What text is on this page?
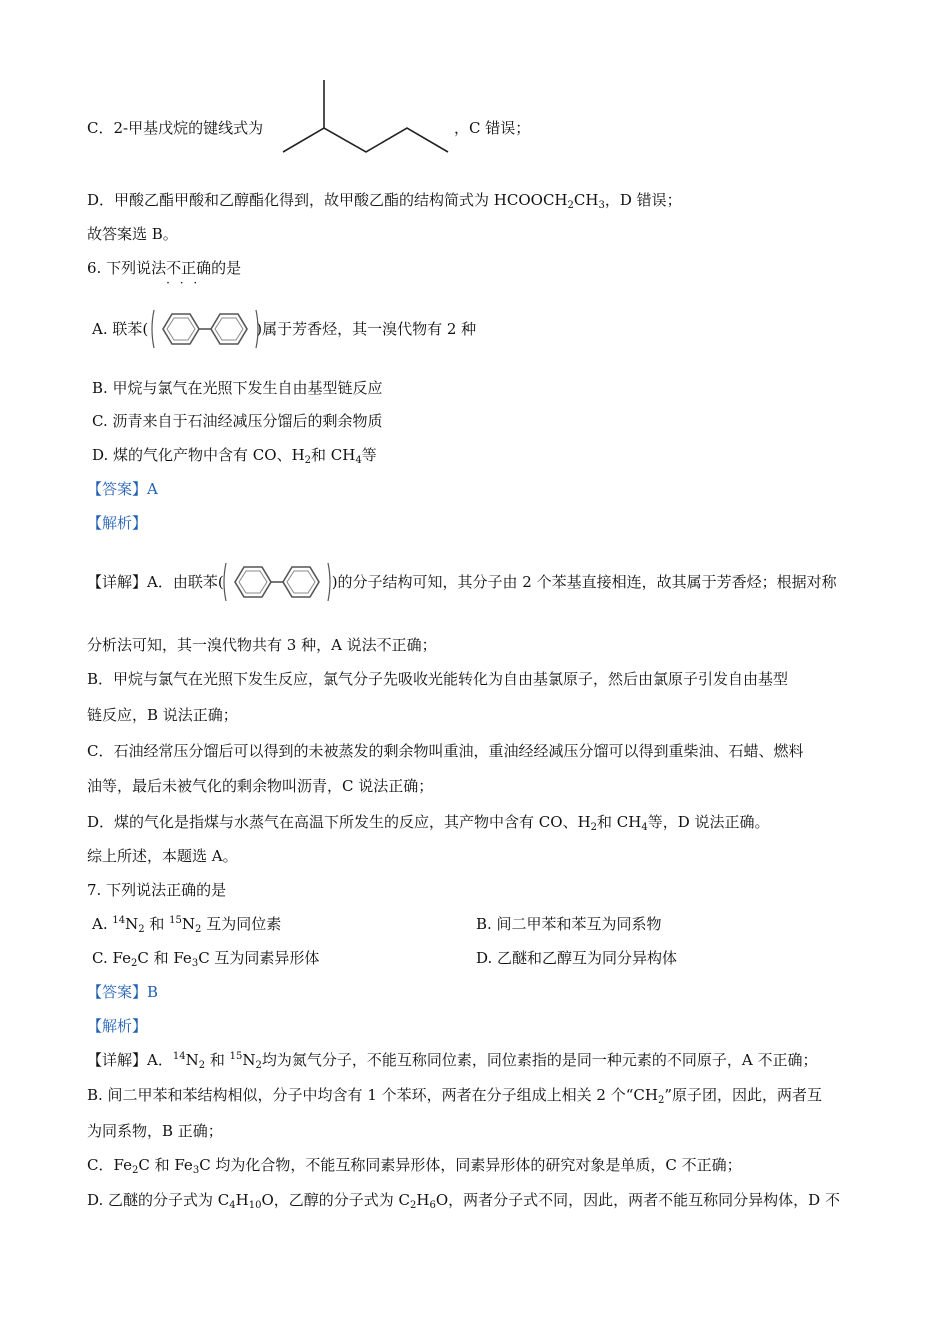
C．2-甲基戊烷的键线式为	，C 错误；
D．甲酸乙酯甲酸和乙醇酯化得到，故甲酸乙酯的结构简式为 $HCOOCH_2CH_3$，D 错误；
故答案选 B。
6. 下列说法不正确 · · ·的是
A. 联苯(	)属于芳香烃，其一溴代物有 2 种
B. 甲烷与氯气在光照下发生自由基型链反应
C. 沥青来自于石油经减压分馏后的剩余物质
D. 煤的气化产物中含有 CO、$H_2$和 $CH_4$等
【答案】A
【解析】
【详解】A．由联苯(	)的分子结构可知，其分子由 2 个苯基直接相连，故其属于芳香烃；根据对称
分析法可知，其一溴代物共有 3 种，A 说法不正确；
B．甲烷与氯气在光照下发生反应，氯气分子先吸收光能转化为自由基氯原子，然后由氯原子引发自由基型
链反应，B 说法正确；
C．石油经常压分馏后可以得到的未被蒸发的剩余物叫重油，重油经经减压分馏可以得到重柴油、石蜡、燃料
油等，最后未被气化的剩余物叫沥青，C 说法正确；
D．煤的气化是指煤与水蒸气在高温下所发生的反应，其产物中含有 CO、$H_2$和 $CH_4$等，D 说法正确。
综上所述，本题选 A。
7. 下列说法正确的是
A. $^{14}N_2$ 和 $^{15}N_2$ 互为同位素	B. 间二甲苯和苯互为同系物
C. $Fe_2C$ 和 $Fe_3C$ 互为同素异形体	D. 乙醚和乙醇互为同分异构体
【答案】B
【解析】
【详解】A．$^{14}N_2$ 和 $^{15}N_2$均为氮气分子，不能互称同位素，同位素指的是同一种元素的不同原子，A 不正确；
B. 间二甲苯和苯结构相似，分子中均含有 1 个苯环，两者在分子组成上相关 2 个“$CH_2$”原子团，因此，两者互
为同系物，B 正确；
C．$Fe_2C$ 和 $Fe_3C$ 均为化合物，不能互称同素异形体，同素异形体的研究对象是单质，C 不正确；
D. 乙醚的分子式为 $C_4H_{10}O$，乙醇的分子式为 $C_2H_6O$，两者分子式不同，因此，两者不能互称同分异构体，D 不
